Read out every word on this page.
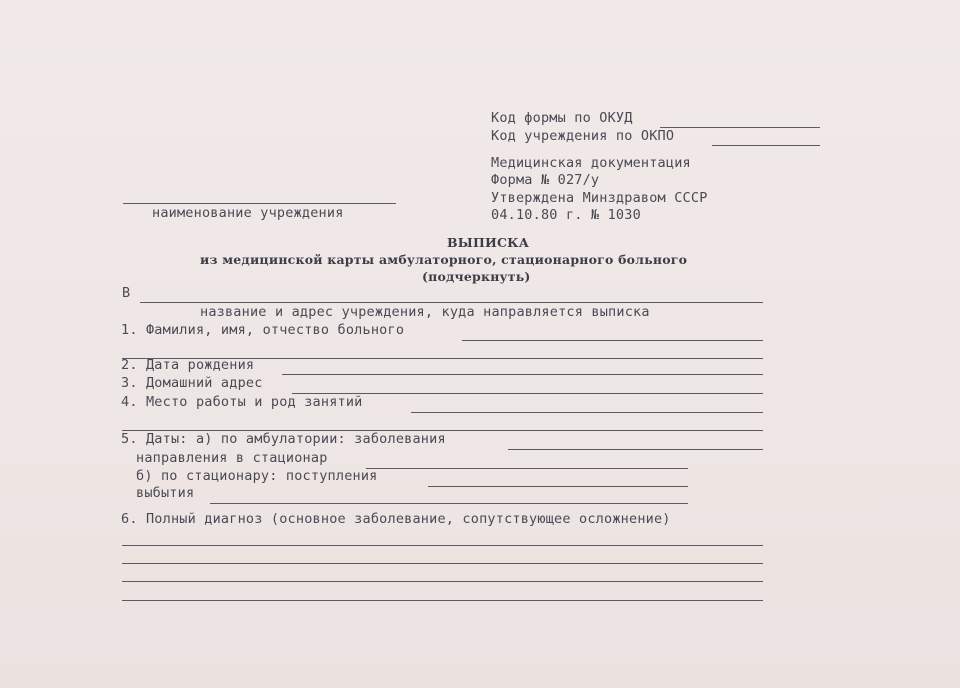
Код формы по ОКУД
Код учреждения по ОКПО
Медицинская документация
Форма № 027/у
Утверждена Минздравом СССР
04.10.80 г. № 1030
наименование учреждения
ВЫПИСКА
из медицинской карты амбулаторного, стационарного больного
(подчеркнуть)
В
название и адрес учреждения, куда направляется выписка
1. Фамилия, имя, отчество больного
2. Дата рождения
3. Домашний адрес
4. Место работы и род занятий
5. Даты: а) по амбулатории: заболевания
направления в стационар
б) по стационару: поступления
выбытия
6. Полный диагноз (основное заболевание, сопутствующее осложнение)
